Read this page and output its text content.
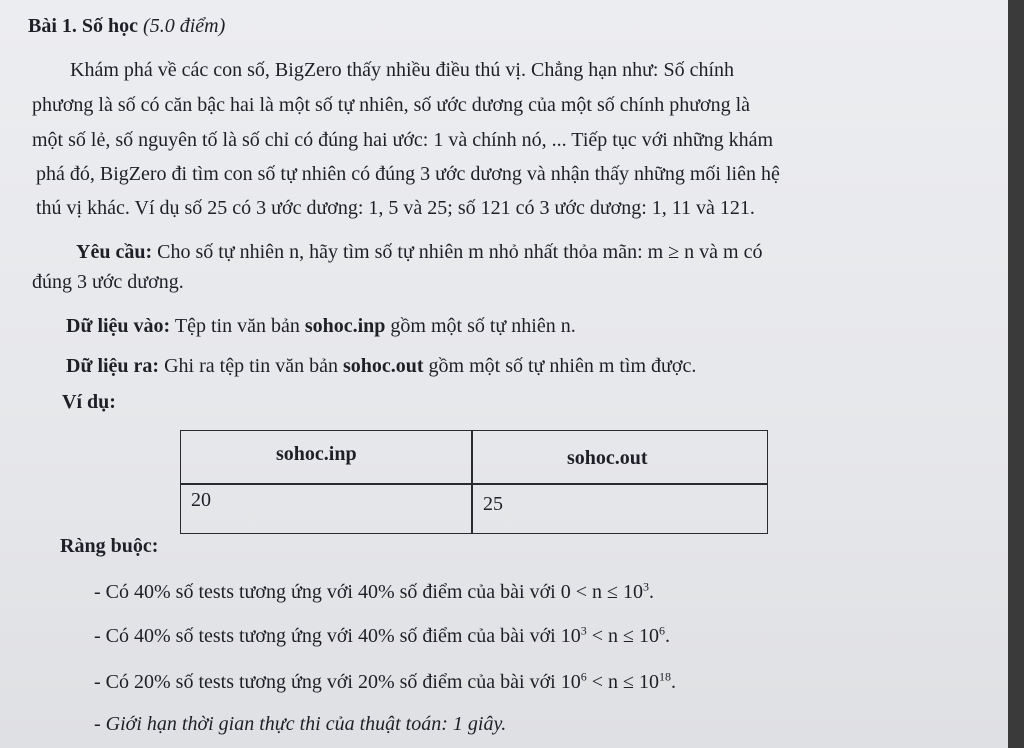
Bài 1. Số học (5.0 điểm)
Khám phá về các con số, BigZero thấy nhiều điều thú vị. Chẳng hạn như: Số chính
phương là số có căn bậc hai là một số tự nhiên, số ước dương của một số chính phương là
một số lẻ, số nguyên tố là số chỉ có đúng hai ước: 1 và chính nó, ... Tiếp tục với những khám
phá đó, BigZero đi tìm con số tự nhiên có đúng 3 ước dương và nhận thấy những mối liên hệ
thú vị khác. Ví dụ số 25 có 3 ước dương: 1, 5 và 25; số 121 có 3 ước dương: 1, 11 và 121.
Yêu cầu: Cho số tự nhiên n, hãy tìm số tự nhiên m nhỏ nhất thỏa mãn: m ≥ n và m có
đúng 3 ước dương.
Dữ liệu vào: Tệp tin văn bản sohoc.inp gồm một số tự nhiên n.
Dữ liệu ra: Ghi ra tệp tin văn bản sohoc.out gồm một số tự nhiên m tìm được.
Ví dụ:
sohoc.inp	sohoc.out
20	25
Ràng buộc:
- Có 40% số tests tương ứng với 40% số điểm của bài với $0 < n \le 10^3$.
- Có 40% số tests tương ứng với 40% số điểm của bài với $10^3 < n \le 10^6$.
- Có 20% số tests tương ứng với 20% số điểm của bài với $10^6 < n \le 10^{18}$.
- Giới hạn thời gian thực thi của thuật toán: 1 giây.
